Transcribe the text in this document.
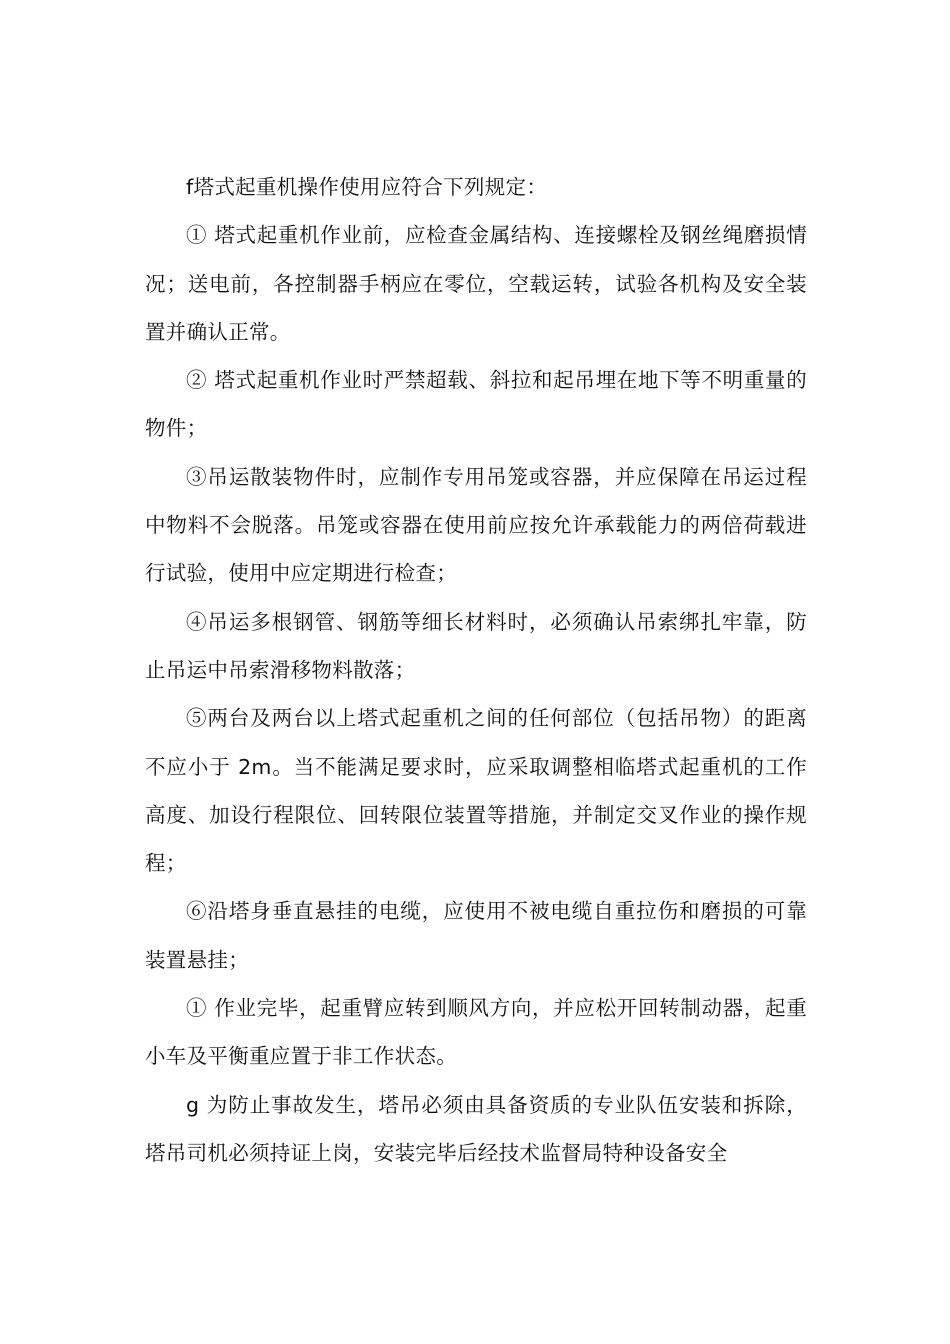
f塔式起重机操作使用应符合下列规定：

① 塔式起重机作业前，应检查金属结构、连接螺栓及钢丝绳磨损情况；送电前，各控制器手柄应在零位，空载运转，试验各机构及安全装置并确认正常。

② 塔式起重机作业时严禁超载、斜拉和起吊埋在地下等不明重量的物件；

③吊运散装物件时，应制作专用吊笼或容器，并应保障在吊运过程中物料不会脱落。吊笼或容器在使用前应按允许承载能力的两倍荷载进行试验，使用中应定期进行检查；

④吊运多根钢管、钢筋等细长材料时，必须确认吊索绑扎牢靠，防止吊运中吊索滑移物料散落；

⑤两台及两台以上塔式起重机之间的任何部位（包括吊物）的距离不应小于 2m。当不能满足要求时，应采取调整相临塔式起重机的工作高度、加设行程限位、回转限位装置等措施，并制定交叉作业的操作规程；

⑥沿塔身垂直悬挂的电缆，应使用不被电缆自重拉伤和磨损的可靠装置悬挂；

① 作业完毕，起重臂应转到顺风方向，并应松开回转制动器，起重小车及平衡重应置于非工作状态。

g 为防止事故发生，塔吊必须由具备资质的专业队伍安装和拆除，塔吊司机必须持证上岗，安装完毕后经技术监督局特种设备安全
